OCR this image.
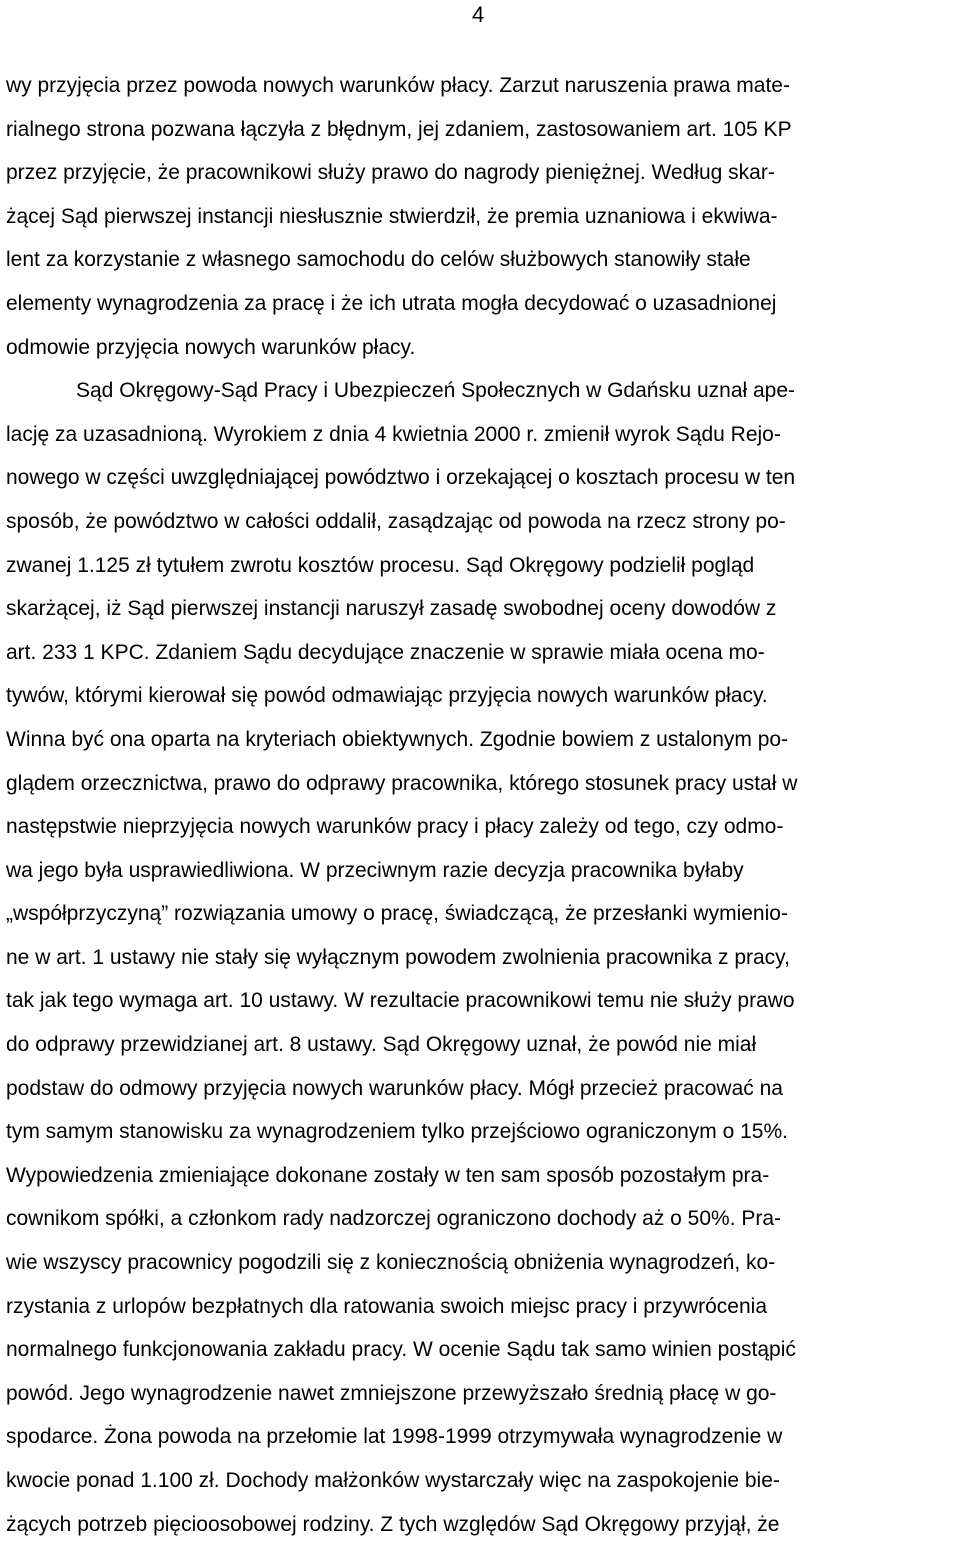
4
wy przyjęcia przez powoda nowych warunków płacy. Zarzut naruszenia prawa mate-
rialnego strona pozwana łączyła z błędnym, jej zdaniem, zastosowaniem art. 105 KP
przez przyjęcie, że pracownikowi służy prawo do nagrody pieniężnej. Według skar-
żącej Sąd pierwszej instancji niesłusznie stwierdził, że premia uznaniowa i ekwiwa-
lent za korzystanie z własnego samochodu do celów służbowych stanowiły stałe
elementy wynagrodzenia za pracę i że ich utrata mogła decydować o uzasadnionej
odmowie przyjęcia nowych warunków płacy.
Sąd Okręgowy-Sąd Pracy i Ubezpieczeń Społecznych w Gdańsku uznał ape-
lację za uzasadnioną. Wyrokiem z dnia 4 kwietnia 2000 r. zmienił wyrok Sądu Rejo-
nowego w części uwzględniającej powództwo i orzekającej o kosztach procesu w ten
sposób, że powództwo w całości oddalił, zasądzając od powoda na rzecz strony po-
zwanej 1.125 zł tytułem zwrotu kosztów procesu. Sąd Okręgowy podzielił pogląd
skarżącej, iż Sąd pierwszej instancji naruszył zasadę swobodnej oceny dowodów z
art. 233 1 KPC. Zdaniem Sądu decydujące znaczenie w sprawie miała ocena mo-
tywów, którymi kierował się powód odmawiając przyjęcia nowych warunków płacy.
Winna być ona oparta na kryteriach obiektywnych. Zgodnie bowiem z ustalonym po-
glądem orzecznictwa, prawo do odprawy pracownika, którego stosunek pracy ustał w
następstwie nieprzyjęcia nowych warunków pracy i płacy zależy od tego, czy odmo-
wa jego była usprawiedliwiona. W przeciwnym razie decyzja pracownika byłaby
„współprzyczyną” rozwiązania umowy o pracę, świadczącą, że przesłanki wymienio-
ne w art. 1 ustawy nie stały się wyłącznym powodem zwolnienia pracownika z pracy,
tak jak tego wymaga art. 10 ustawy. W rezultacie pracownikowi temu nie służy prawo
do odprawy przewidzianej art. 8 ustawy. Sąd Okręgowy uznał, że powód nie miał
podstaw do odmowy przyjęcia nowych warunków płacy. Mógł przecież pracować na
tym samym stanowisku za wynagrodzeniem tylko przejściowo ograniczonym o 15%.
Wypowiedzenia zmieniające dokonane zostały w ten sam sposób pozostałym pra-
cownikom spółki, a członkom rady nadzorczej ograniczono dochody aż o 50%. Pra-
wie wszyscy pracownicy pogodzili się z koniecznością obniżenia wynagrodzeń, ko-
rzystania z urlopów bezpłatnych dla ratowania swoich miejsc pracy i przywrócenia
normalnego funkcjonowania zakładu pracy. W ocenie Sądu tak samo winien postąpić
powód. Jego wynagrodzenie nawet zmniejszone przewyższało średnią płacę w go-
spodarce. Żona powoda na przełomie lat 1998-1999 otrzymywała wynagrodzenie w
kwocie ponad 1.100 zł. Dochody małżonków wystarczały więc na zaspokojenie bie-
żących potrzeb pięcioosobowej rodziny. Z tych względów Sąd Okręgowy przyjął, że
